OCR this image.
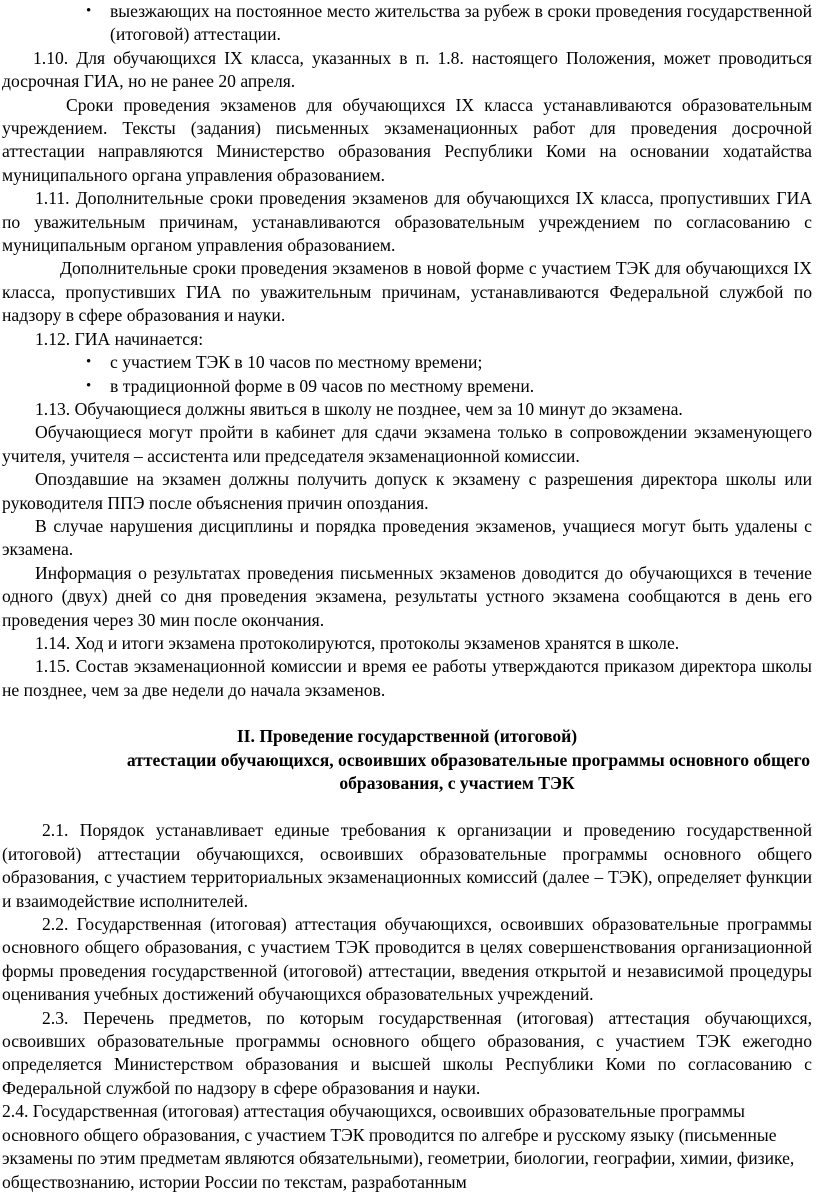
• выезжающих на постоянное место жительства за рубеж в сроки проведения государственной (итоговой) аттестации.

1.10. Для обучающихся IX класса, указанных в п. 1.8. настоящего Положения, может проводиться досрочная ГИА, но не ранее 20 апреля.

Сроки проведения экзаменов для обучающихся IX класса устанавливаются образовательным учреждением. Тексты (задания) письменных экзаменационных работ для проведения досрочной аттестации направляются Министерство образования Республики Коми на основании ходатайства муниципального органа управления образованием.

1.11. Дополнительные сроки проведения экзаменов для обучающихся IX класса, пропустивших ГИА по уважительным причинам, устанавливаются образовательным учреждением по согласованию с муниципальным органом управления образованием.

Дополнительные сроки проведения экзаменов в новой форме с участием ТЭК для обучающихся IX класса, пропустивших ГИА по уважительным причинам, устанавливаются Федеральной службой по надзору в сфере образования и науки.

1.12. ГИА начинается:

• с участием ТЭК в 10 часов по местному времени;

• в традиционной форме в 09 часов по местному времени.

1.13. Обучающиеся должны явиться в школу не позднее, чем за 10 минут до экзамена.

Обучающиеся могут пройти в кабинет для сдачи экзамена только в сопровождении экзаменующего учителя, учителя – ассистента или председателя экзаменационной комиссии.

Опоздавшие на экзамен должны получить допуск к экзамену с разрешения директора школы или руководителя ППЭ после объяснения причин опоздания.

В случае нарушения дисциплины и порядка проведения экзаменов, учащиеся могут быть удалены с экзамена.

Информация о результатах проведения письменных экзаменов доводится до обучающихся в течение одного (двух) дней со дня проведения экзамена, результаты устного экзамена сообщаются в день его проведения через 30 мин после окончания.

1.14. Ход и итоги экзамена протоколируются, протоколы экзаменов хранятся в школе.

1.15. Состав экзаменационной комиссии и время ее работы утверждаются приказом директора школы не позднее, чем за две недели до начала экзаменов.

II. Проведение государственной (итоговой)

аттестации обучающихся, освоивших образовательные программы основного общего

образования, с участием ТЭК

2.1. Порядок устанавливает единые требования к организации и проведению государственной (итоговой) аттестации обучающихся, освоивших образовательные программы основного общего образования, с участием территориальных экзаменационных комиссий (далее – ТЭК), определяет функции и взаимодействие исполнителей.

2.2. Государственная (итоговая) аттестация обучающихся, освоивших образовательные программы основного общего образования, с участием ТЭК проводится в целях совершенствования организационной формы проведения государственной (итоговой) аттестации, введения открытой и независимой процедуры оценивания учебных достижений обучающихся образовательных учреждений.

2.3. Перечень предметов, по которым государственная (итоговая) аттестация обучающихся, освоивших образовательные программы основного общего образования, с участием ТЭК ежегодно определяется Министерством образования и высшей школы Республики Коми по согласованию с Федеральной службой по надзору в сфере образования и науки.

2.4. Государственная (итоговая) аттестация обучающихся, освоивших образовательные программы основного общего образования, с участием ТЭК проводится по алгебре и русскому языку (письменные экзамены по этим предметам являются обязательными), геометрии, биологии, географии, химии, физике, обществознанию, истории России по текстам, разработанным
